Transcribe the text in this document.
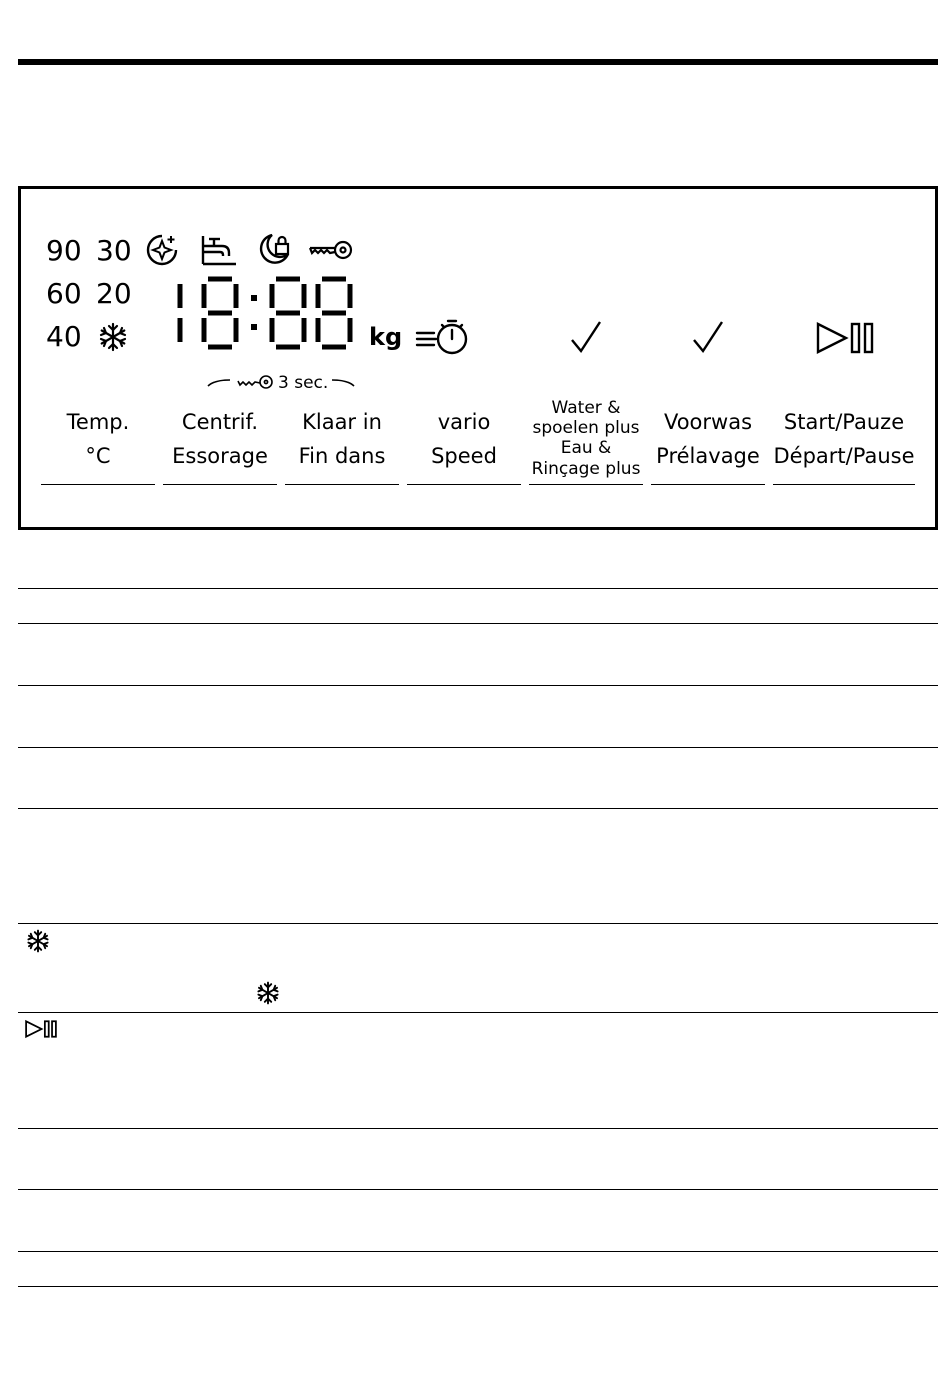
90 30
60 20
40	kg
3 sec.
Temp.
°C
Centrif.
Essorage
Klaar in
Fin dans
vario
Speed
Water &
spoelen plus
Eau &
Rinçage plus
Voorwas
Prélavage
Start/Pauze
Départ/Pause
